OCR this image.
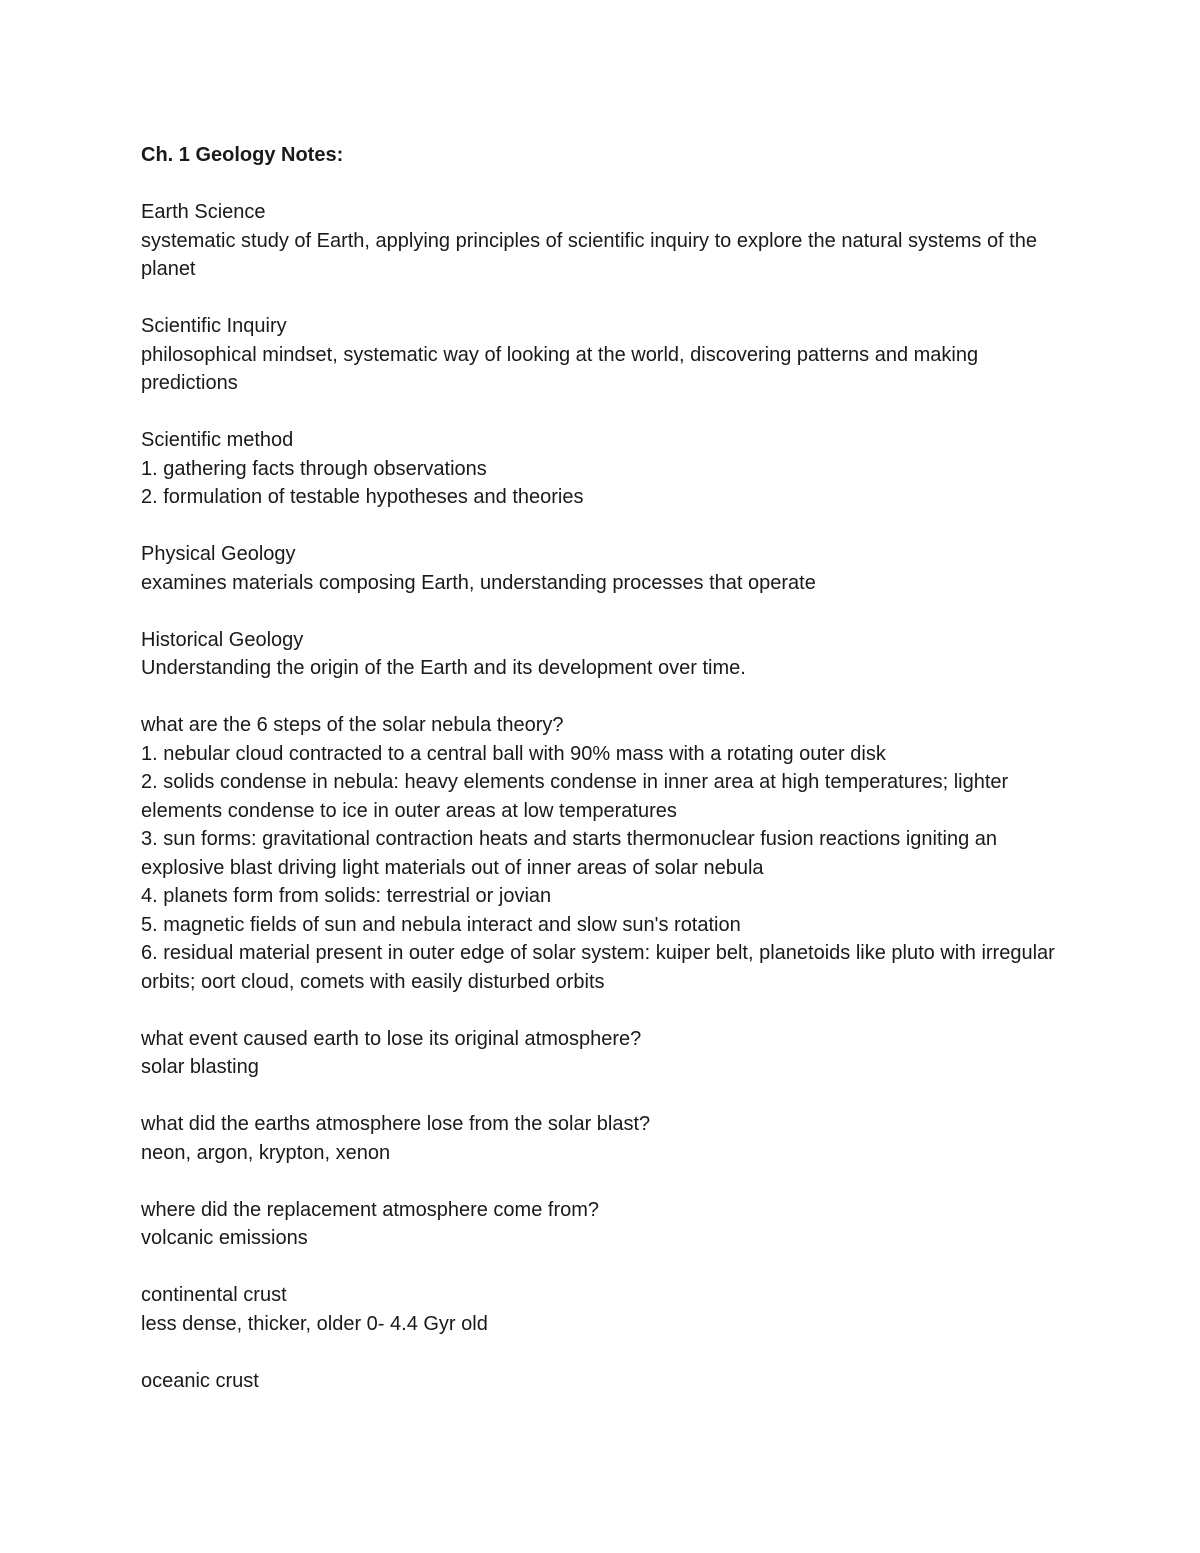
Ch. 1 Geology Notes:
Earth Science
systematic study of Earth, applying principles of scientific inquiry to explore the natural systems of the planet
Scientific Inquiry
philosophical mindset, systematic way of looking at the world, discovering patterns and making predictions
Scientific method
1. gathering facts through observations
2. formulation of testable hypotheses and theories
Physical Geology
examines materials composing Earth, understanding processes that operate
Historical Geology
Understanding the origin of the Earth and its development over time.
what are the 6 steps of the solar nebula theory?
1. nebular cloud contracted to a central ball with 90% mass with a rotating outer disk
2. solids condense in nebula: heavy elements condense in inner area at high temperatures; lighter elements condense to ice in outer areas at low temperatures
3. sun forms: gravitational contraction heats and starts thermonuclear fusion reactions igniting an explosive blast driving light materials out of inner areas of solar nebula
4. planets form from solids: terrestrial or jovian
5. magnetic fields of sun and nebula interact and slow sun's rotation
6. residual material present in outer edge of solar system: kuiper belt, planetoids like pluto with irregular orbits; oort cloud, comets with easily disturbed orbits
what event caused earth to lose its original atmosphere?
solar blasting
what did the earths atmosphere lose from the solar blast?
neon, argon, krypton, xenon
where did the replacement atmosphere come from?
volcanic emissions
continental crust
less dense, thicker, older 0- 4.4 Gyr old
oceanic crust
